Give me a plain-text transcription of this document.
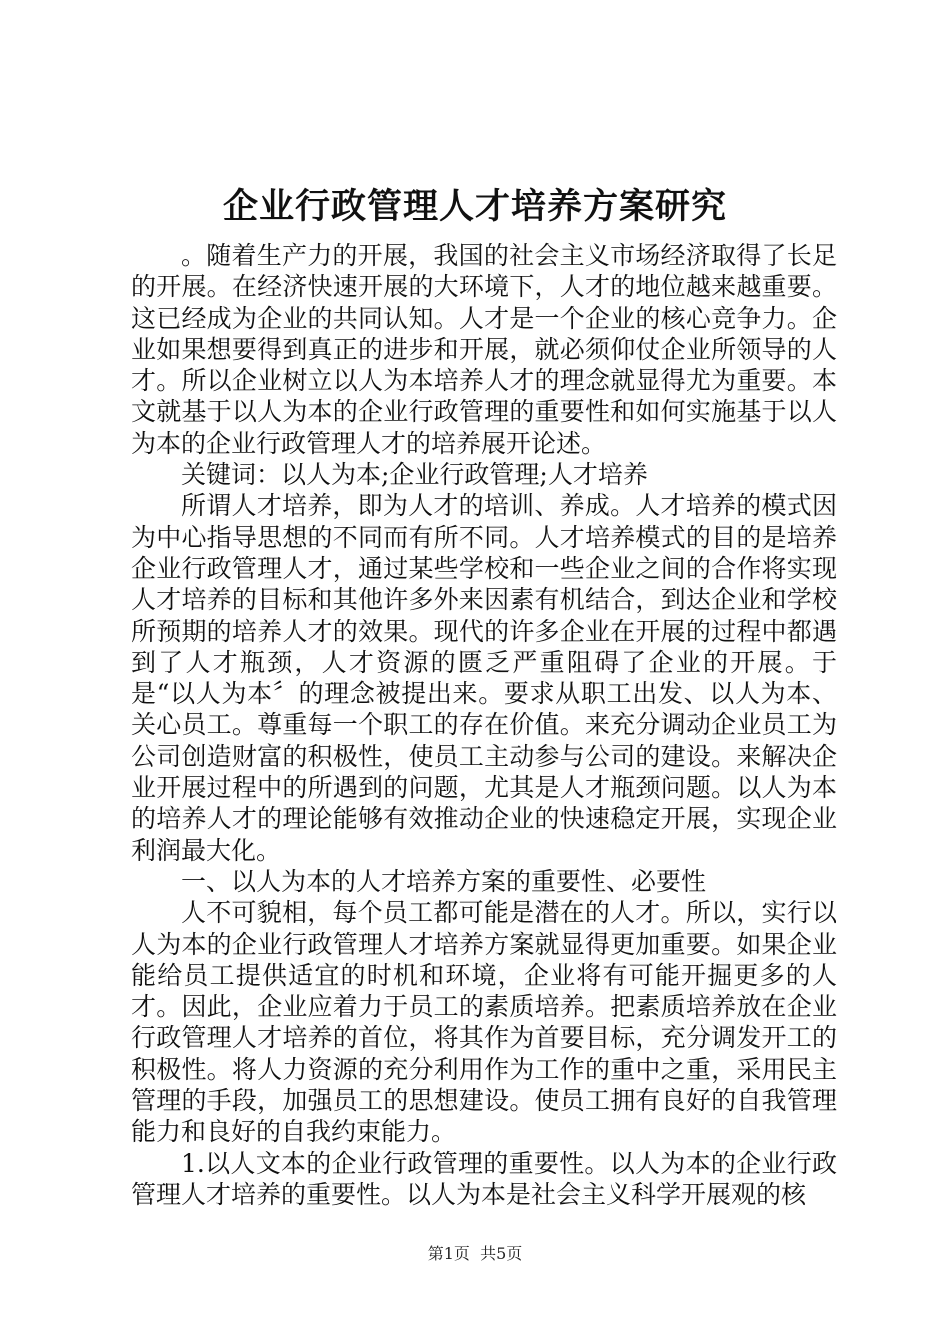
企业行政管理人才培养方案研究

。随着生产力的开展，我国的社会主义市场经济取得了长足的开展。在经济快速开展的大环境下，人才的地位越来越重要。这已经成为企业的共同认知。人才是一个企业的核心竞争力。企业如果想要得到真正的进步和开展，就必须仰仗企业所领导的人才。所以企业树立以人为本培养人才的理念就显得尤为重要。本文就基于以人为本的企业行政管理的重要性和如何实施基于以人为本的企业行政管理人才的培养展开论述。

关键词：以人为本;企业行政管理;人才培养

所谓人才培养，即为人才的培训、养成。人才培养的模式因为中心指导思想的不同而有所不同。人才培养模式的目的是培养企业行政管理人才，通过某些学校和一些企业之间的合作将实现人才培养的目标和其他许多外来因素有机结合，到达企业和学校所预期的培养人才的效果。现代的许多企业在开展的过程中都遇到了人才瓶颈，人才资源的匮乏严重阻碍了企业的开展。于是“以人为本〞的理念被提出来。要求从职工出发、以人为本、关心员工。尊重每一个职工的存在价值。来充分调动企业员工为公司创造财富的积极性，使员工主动参与公司的建设。来解决企业开展过程中的所遇到的问题，尤其是人才瓶颈问题。以人为本的培养人才的理论能够有效推动企业的快速稳定开展，实现企业利润最大化。

一、以人为本的人才培养方案的重要性、必要性

人不可貌相，每个员工都可能是潜在的人才。所以，实行以人为本的企业行政管理人才培养方案就显得更加重要。如果企业能给员工提供适宜的时机和环境，企业将有可能开掘更多的人才。因此，企业应着力于员工的素质培养。把素质培养放在企业行政管理人才培养的首位，将其作为首要目标，充分调发开工的积极性。将人力资源的充分利用作为工作的重中之重，采用民主管理的手段，加强员工的思想建设。使员工拥有良好的自我管理能力和良好的自我约束能力。

1.以人文本的企业行政管理的重要性。以人为本的企业行政管理人才培养的重要性。以人为本是社会主义科学开展观的核

第1页 共5页
